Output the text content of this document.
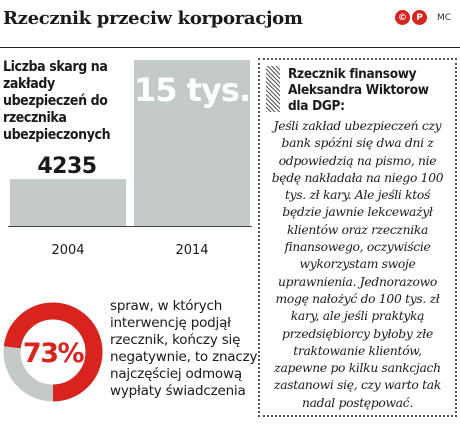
Rzecznik przeciw korporacjom	©	P	MC
Liczba skarg na zakłady ubezpieczeń do rzecznika ubezpieczonych
4235
2004
15 tys.
2014
73%
spraw, w których interwencję podjął rzecznik, kończy się negatywnie, to znaczy najczęściej odmową wypłaty świadczenia
Rzecznik finansowy Aleksandra Wiktorow dla DGP:
Jeśli zakład ubezpieczeń czy bank spóźni się dwa dni z odpowiedzią na pismo, nie będę nakładała na niego 100 tys. zł kary. Ale jeśli ktoś będzie jawnie lekceważył klientów oraz rzecznika finansowego, oczywiście wykorzystam swoje uprawnienia. Jednorazowo mogę nałożyć do 100 tys. zł kary, ale jeśli praktyką przedsiębiorcy byłoby złe traktowanie klientów, zapewne po kilku sankcjach zastanowi się, czy warto tak nadal postępować.
